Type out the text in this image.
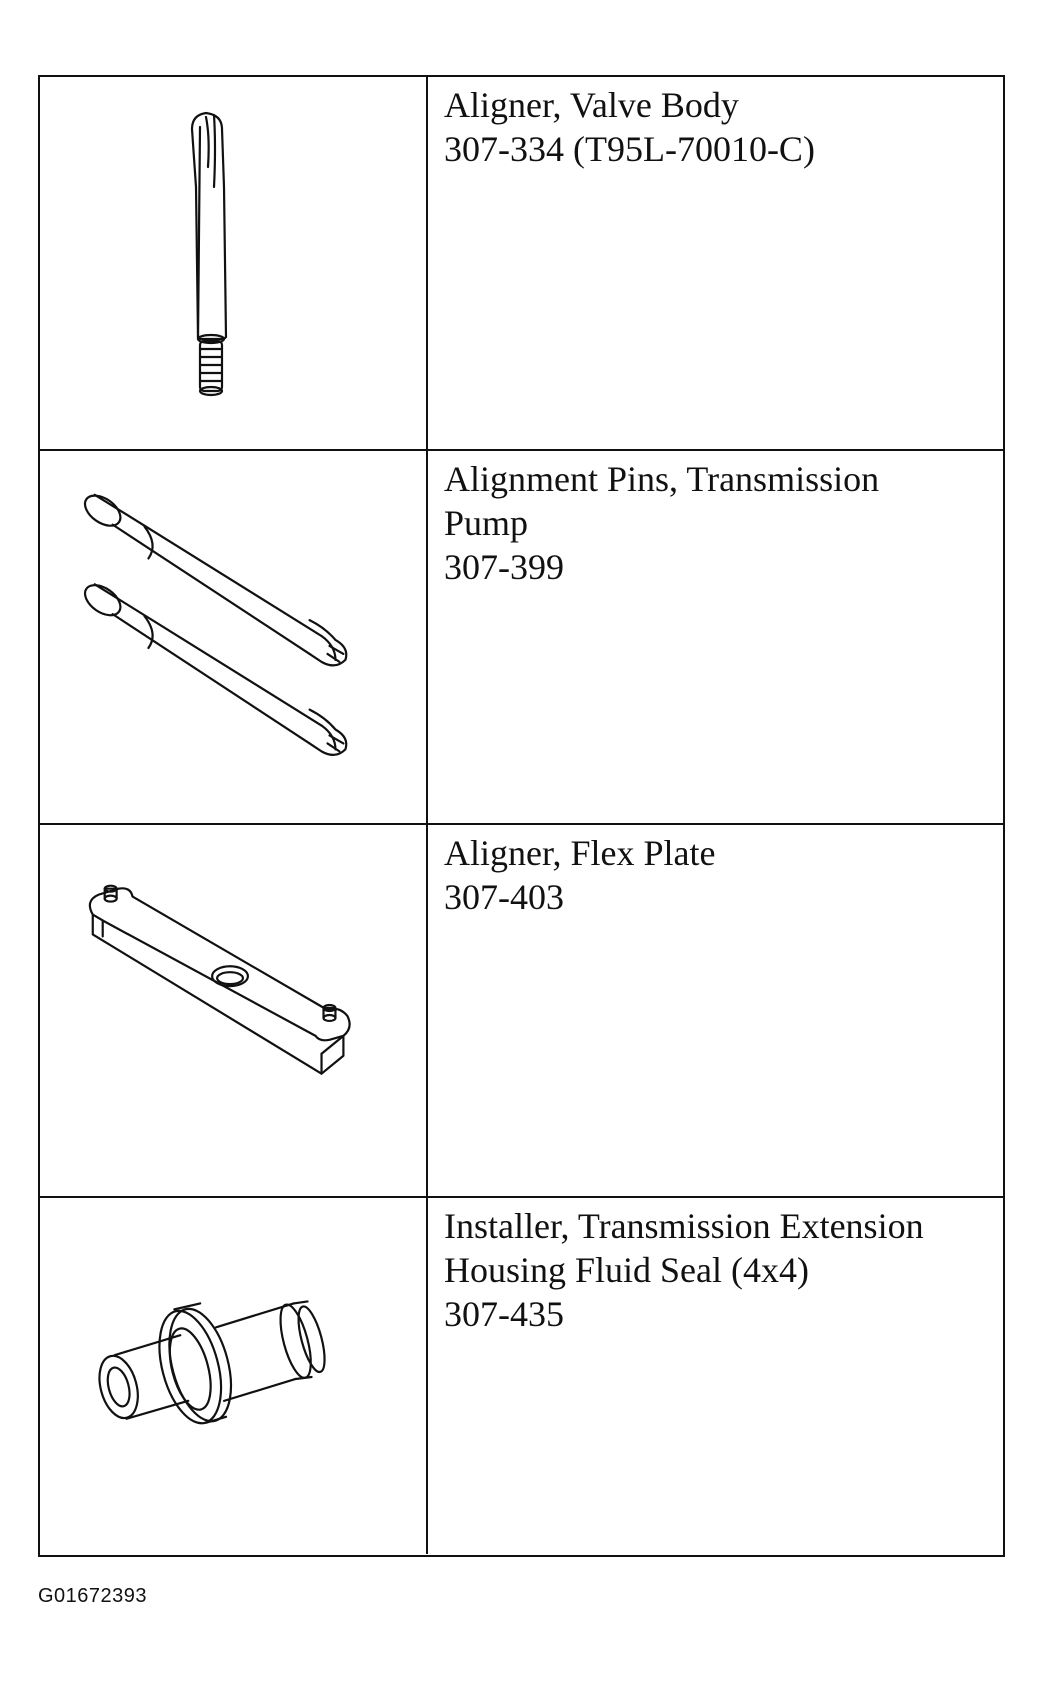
Aligner, Valve Body
307-334 (T95L-70010-C)
Alignment Pins, Transmission
Pump
307-399
Aligner, Flex Plate
307-403
Installer, Transmission Extension
Housing Fluid Seal (4x4)
307-435
G01672393
